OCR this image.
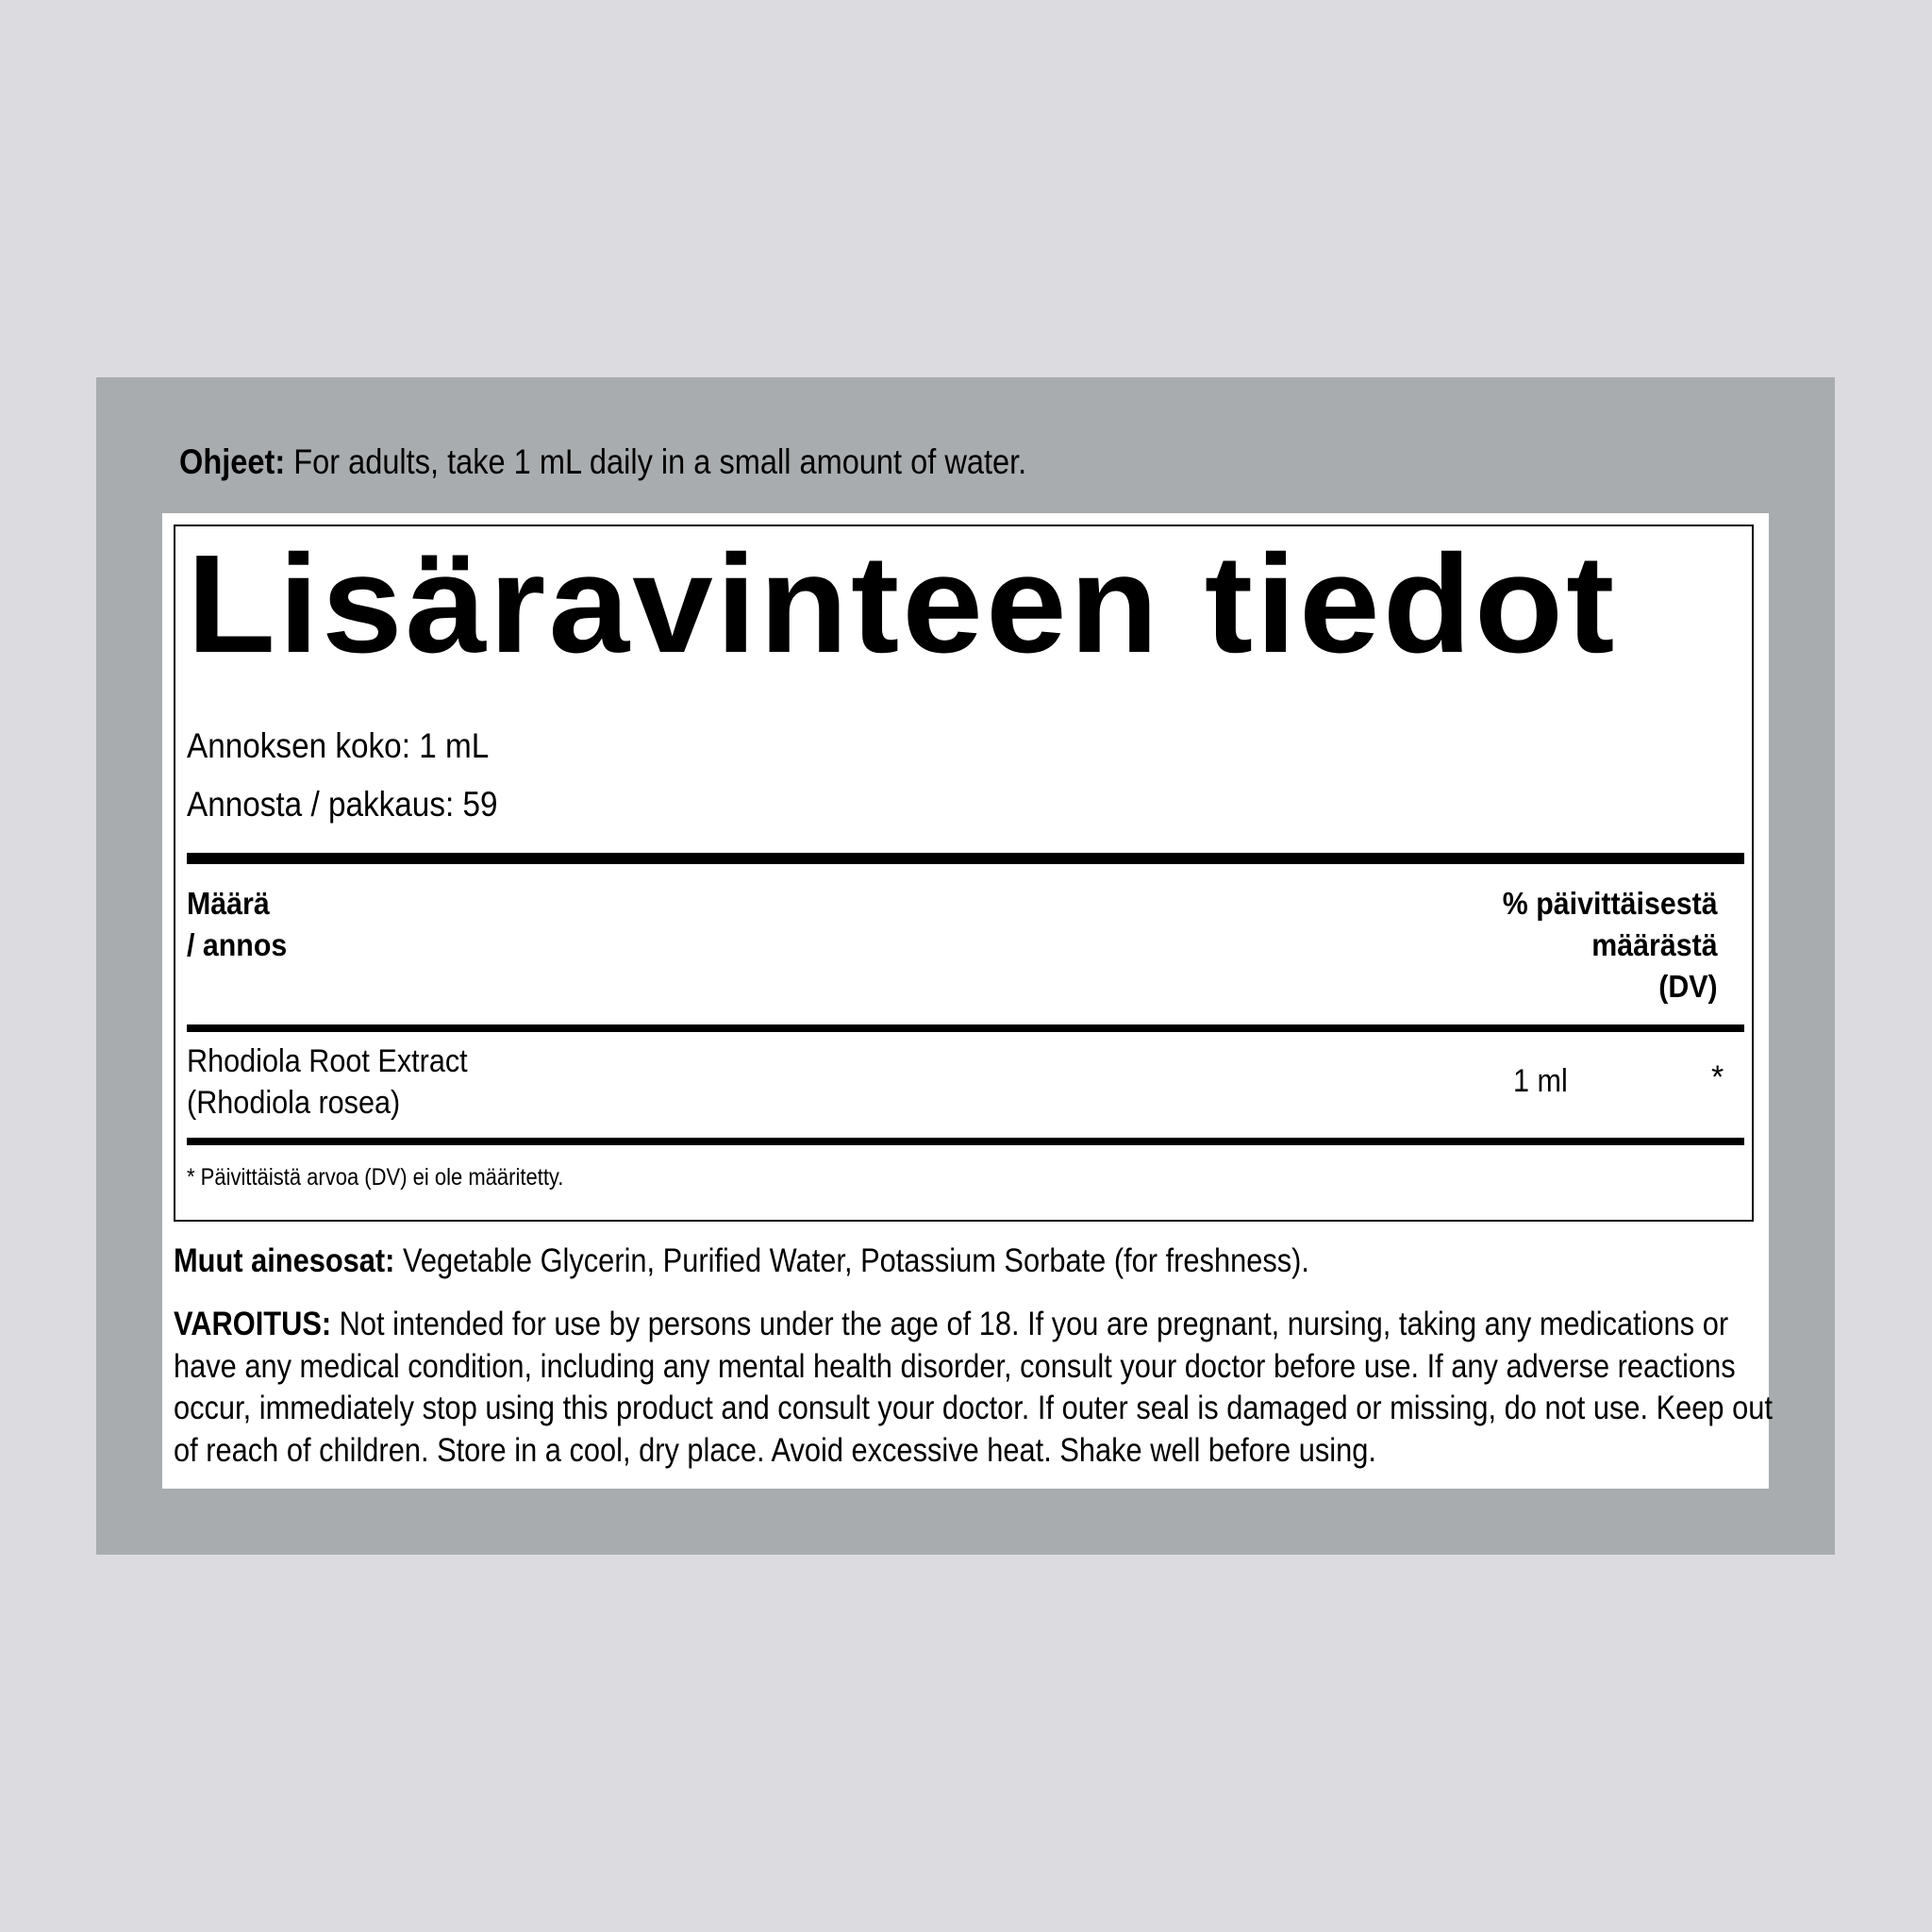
Ohjeet: For adults, take 1 mL daily in a small amount of water.
Lisäravinteen tiedot
Annoksen koko: 1 mL
Annosta / pakkaus: 59
Määrä
/ annos
% päivittäisestä
määrästä
(DV)
Rhodiola Root Extract
(Rhodiola rosea)
1 ml	*
* Päivittäistä arvoa (DV) ei ole määritetty.
Muut ainesosat: Vegetable Glycerin, Purified Water, Potassium Sorbate (for freshness).
VAROITUS: Not intended for use by persons under the age of 18. If you are pregnant, nursing, taking any medications or have any medical condition, including any mental health disorder, consult your doctor before use. If any adverse reactions occur, immediately stop using this product and consult your doctor. If outer seal is damaged or missing, do not use. Keep out of reach of children. Store in a cool, dry place. Avoid excessive heat. Shake well before using.
